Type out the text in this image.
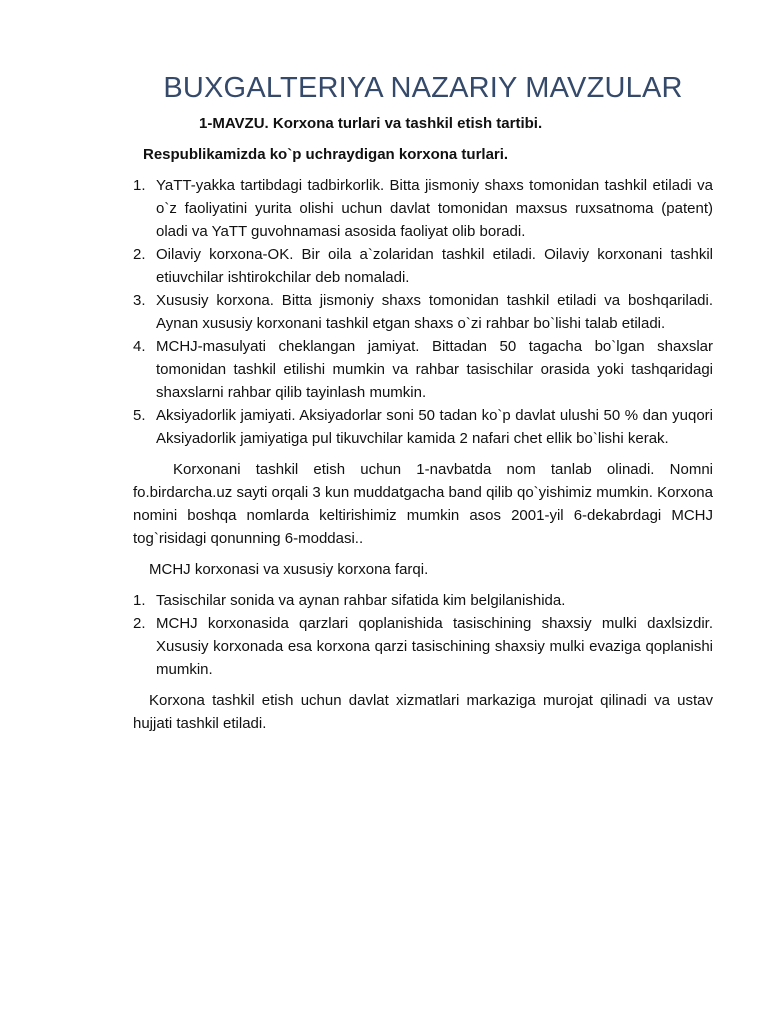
BUXGALTERIYA NAZARIY MAVZULAR
1-MAVZU. Korxona turlari va tashkil etish tartibi.
Respublikamizda ko`p uchraydigan korxona turlari.
1. YaTT-yakka tartibdagi tadbirkorlik. Bitta jismoniy shaxs tomonidan tashkil etiladi va o`z faoliyatini yurita olishi uchun davlat tomonidan maxsus ruxsatnoma (patent) oladi va YaTT guvohnamasi asosida faoliyat olib boradi.
2. Oilaviy korxona-OK. Bir oila a`zolaridan tashkil etiladi. Oilaviy korxonani tashkil etiuvchilar ishtirokchilar deb nomaladi.
3. Xususiy korxona. Bitta jismoniy shaxs tomonidan tashkil etiladi va boshqariladi. Aynan xususiy korxonani tashkil etgan shaxs o`zi rahbar bo`lishi talab etiladi.
4. MCHJ-masulyati cheklangan jamiyat. Bittadan 50 tagacha bo`lgan shaxslar tomonidan tashkil etilishi mumkin va rahbar tasischilar orasida yoki tashqaridagi shaxslarni rahbar qilib tayinlash mumkin.
5. Aksiyadorlik jamiyati. Aksiyadorlar soni 50 tadan ko`p davlat ulushi 50 % dan yuqori Aksiyadorlik jamiyatiga pul tikuvchilar kamida 2 nafari chet ellik bo`lishi kerak.

Korxonani tashkil etish uchun 1-navbatda nom tanlab olinadi. Nomni fo.birdarcha.uz sayti orqali 3 kun muddatgacha band qilib qo`yishimiz mumkin. Korxona nomini boshqa nomlarda keltirishimiz mumkin asos 2001-yil 6-dekabrdagi MCHJ tog`risidagi qonunning 6-moddasi..

MCHJ korxonasi va xususiy korxona farqi.

1. Tasischilar sonida va aynan rahbar sifatida kim belgilanishida.
2. MCHJ korxonasida qarzlari qoplanishida tasischining shaxsiy mulki daxlsizdir. Xususiy korxonada esa korxona qarzi tasischining shaxsiy mulki evaziga qoplanishi mumkin.

Korxona tashkil etish uchun davlat xizmatlari markaziga murojat qilinadi va ustav hujjati tashkil etiladi.
